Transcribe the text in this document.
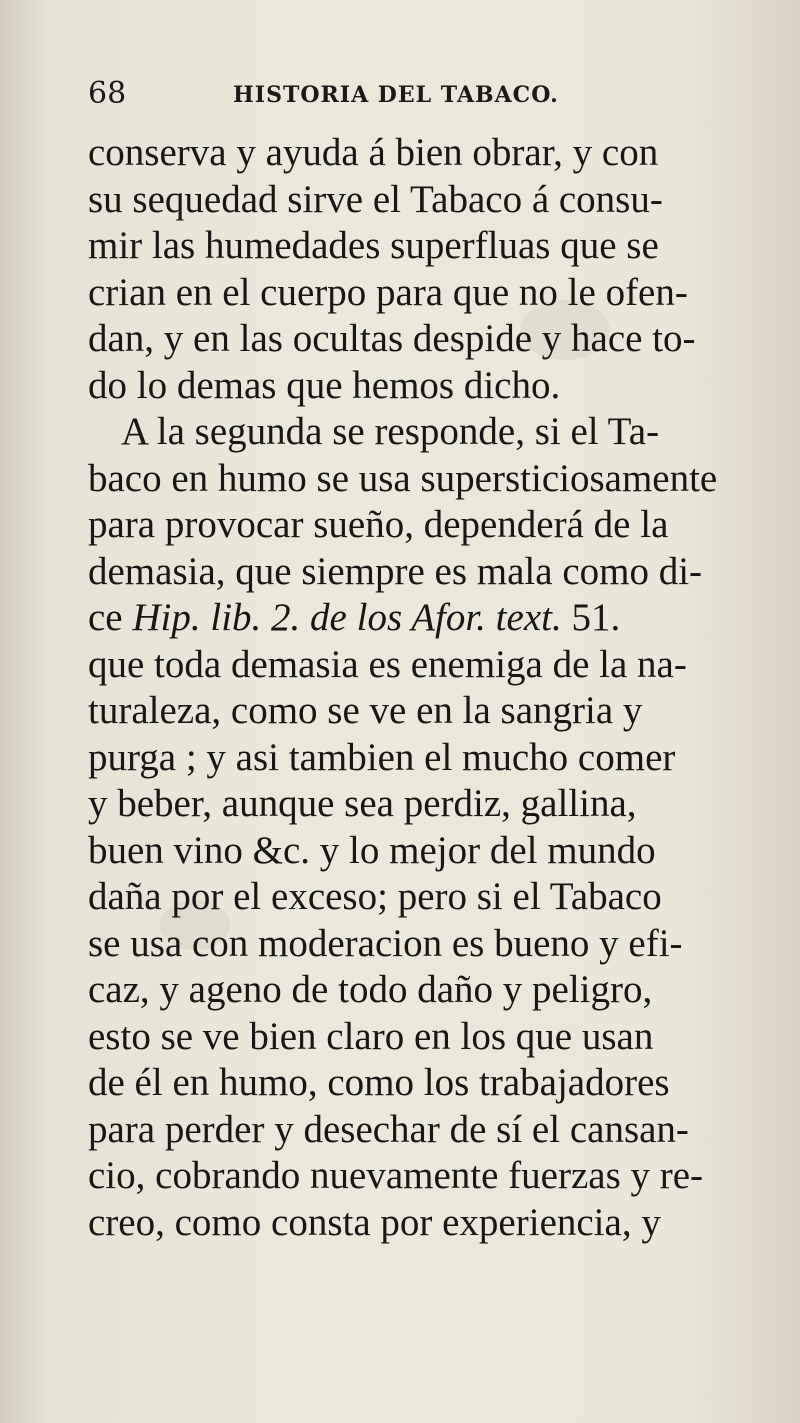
68	HISTORIA DEL TABACO.
conserva y ayuda á bien obrar, y con
su sequedad sirve el Tabaco á consu-
mir las humedades superfluas que se
crian en el cuerpo para que no le ofen-
dan, y en las ocultas despide y hace to-
do lo demas que hemos dicho.
A la segunda se responde, si el Ta-
baco en humo se usa supersticiosamente
para provocar sueño, dependerá de la
demasia, que siempre es mala como di-
ce Hip. lib. 2. de los Afor. text. 51.
que toda demasia es enemiga de la na-
turaleza, como se ve en la sangria y
purga ; y asi tambien el mucho comer
y beber, aunque sea perdiz, gallina,
buen vino &c. y lo mejor del mundo
daña por el exceso; pero si el Tabaco
se usa con moderacion es bueno y efi-
caz, y ageno de todo daño y peligro,
esto se ve bien claro en los que usan
de él en humo, como los trabajadores
para perder y desechar de sí el cansan-
cio, cobrando nuevamente fuerzas y re-
creo, como consta por experiencia, y
